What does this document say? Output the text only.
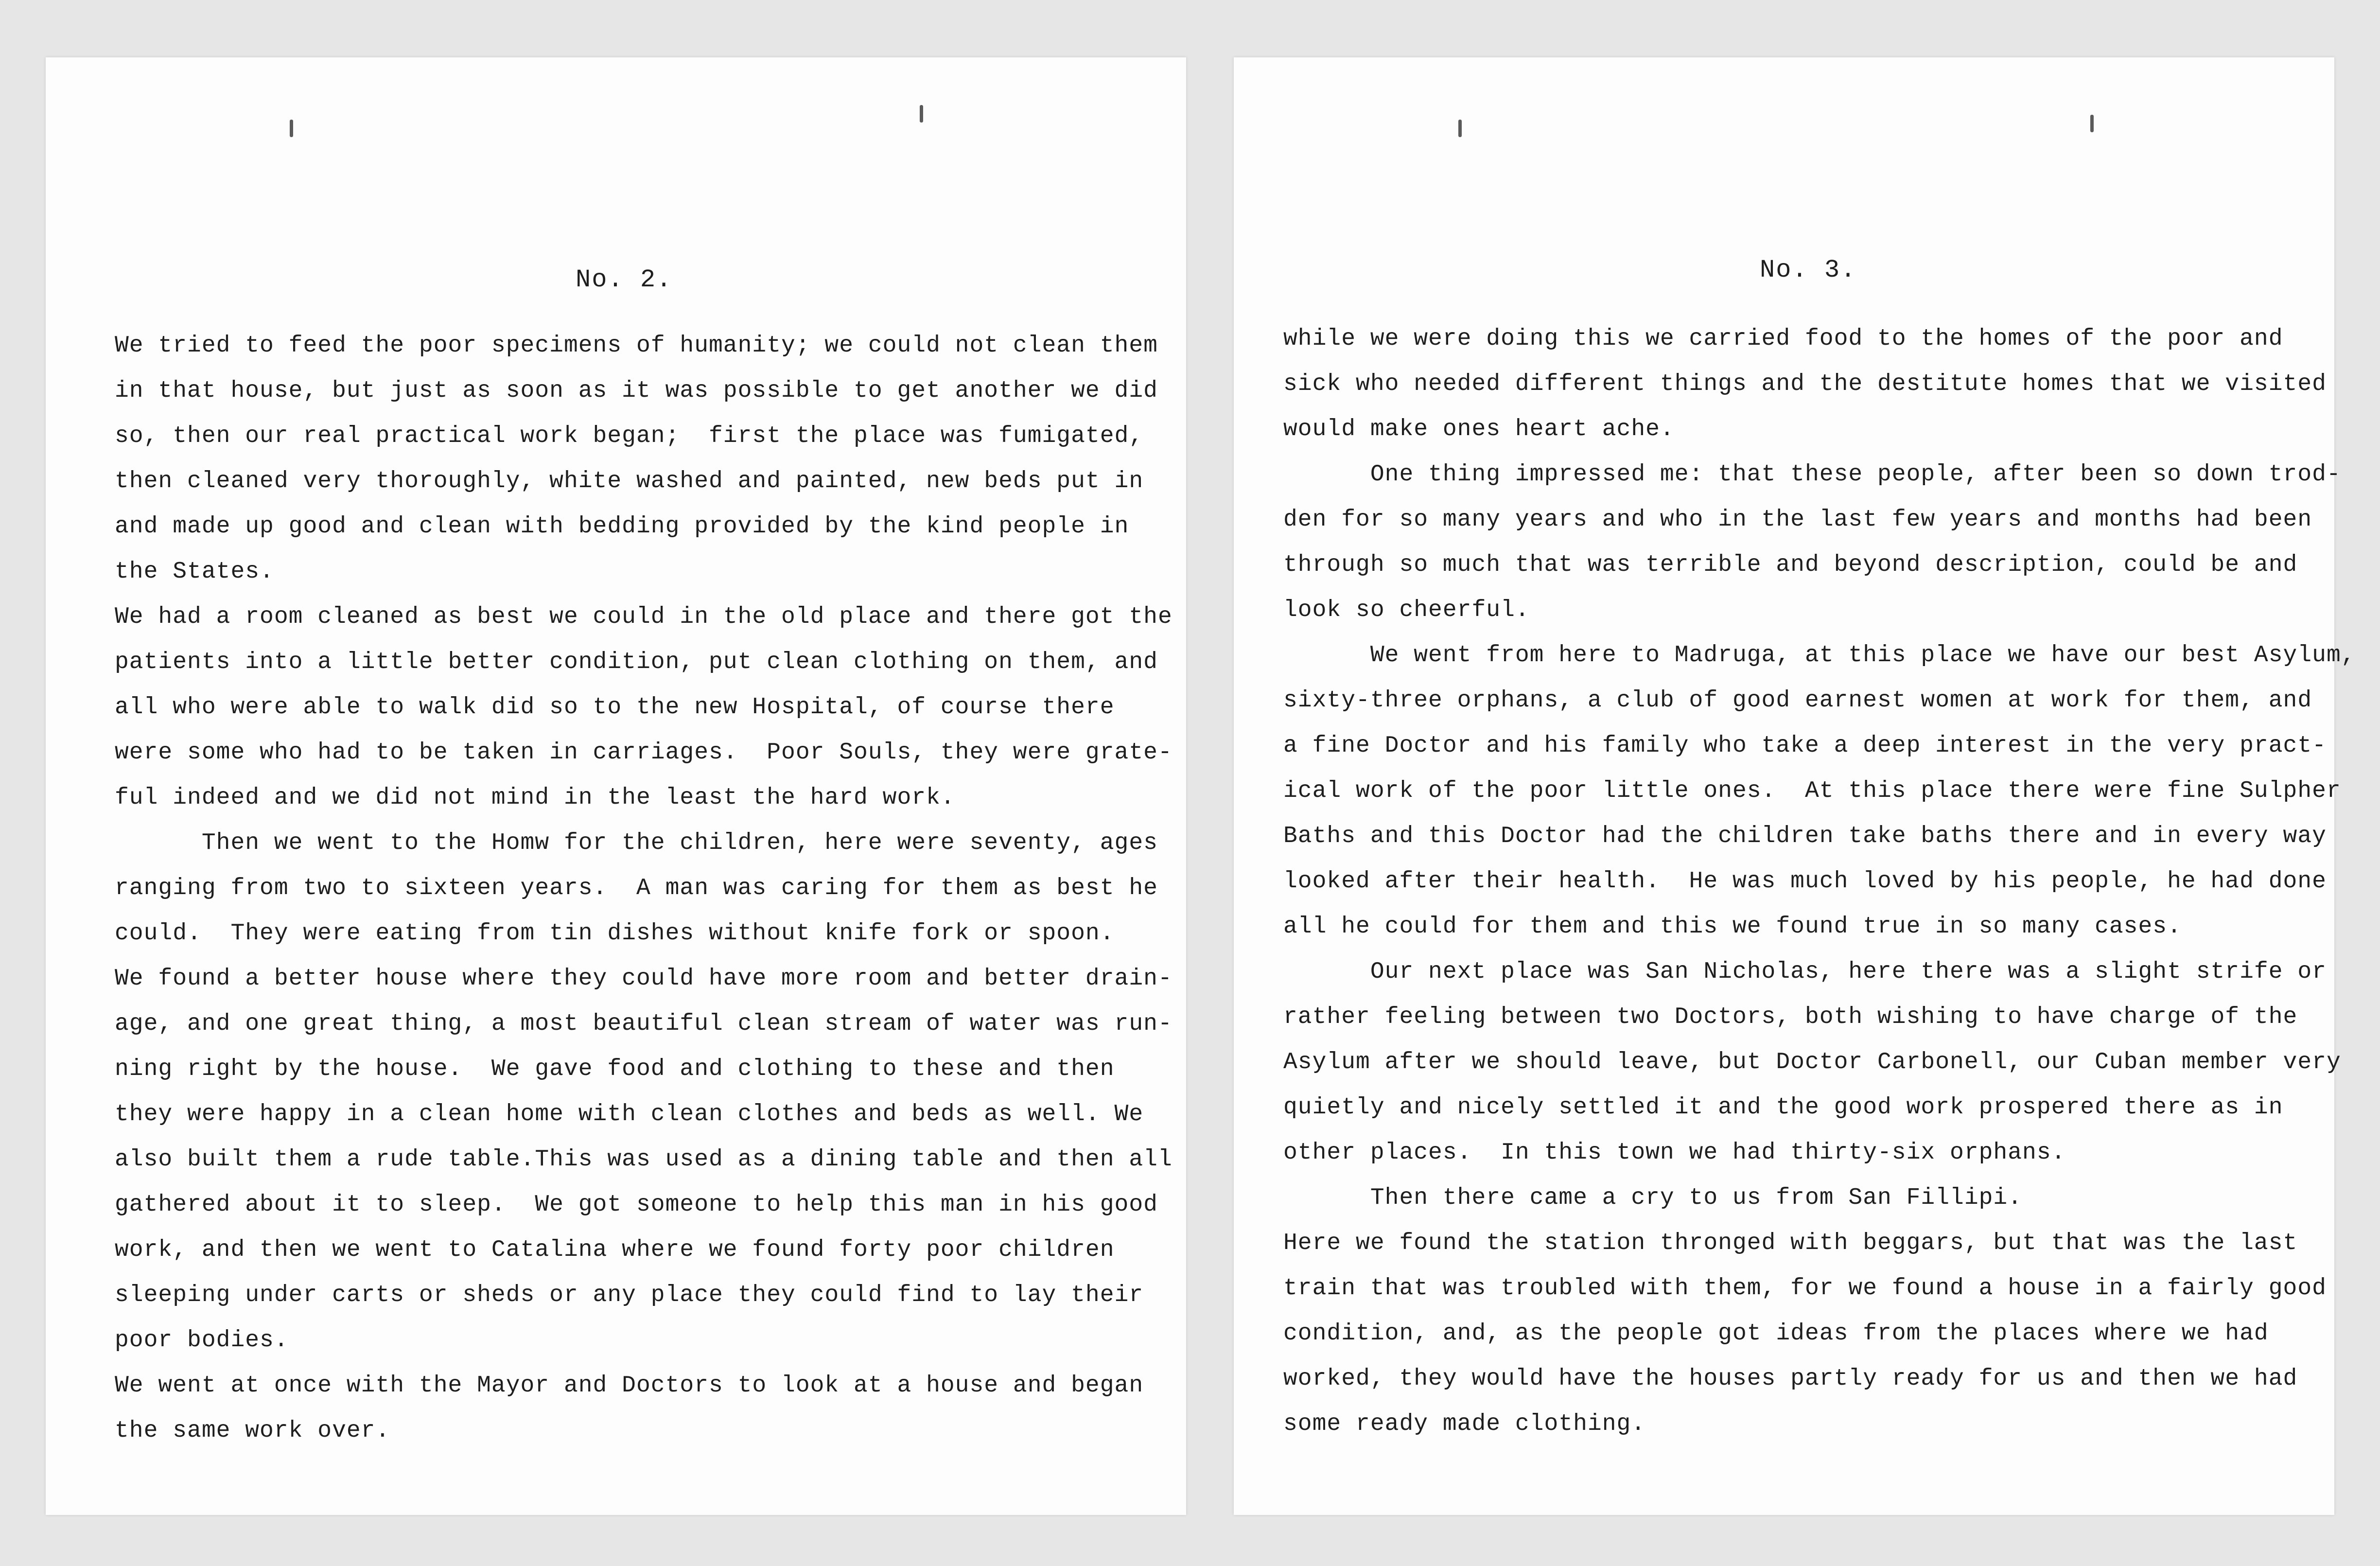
No. 2.
We tried to feed the poor specimens of humanity; we could not clean them
in that house, but just as soon as it was possible to get another we did
so, then our real practical work began;  first the place was fumigated,
then cleaned very thoroughly, white washed and painted, new beds put in
and made up good and clean with bedding provided by the kind people in
the States.
We had a room cleaned as best we could in the old place and there got the
patients into a little better condition, put clean clothing on them, and
all who were able to walk did so to the new Hospital, of course there
were some who had to be taken in carriages.  Poor Souls, they were grate-
ful indeed and we did not mind in the least the hard work.
Then we went to the Homw for the children, here were seventy, ages
ranging from two to sixteen years.  A man was caring for them as best he
could.  They were eating from tin dishes without knife fork or spoon.
We found a better house where they could have more room and better drain-
age, and one great thing, a most beautiful clean stream of water was run-
ning right by the house.  We gave food and clothing to these and then
they were happy in a clean home with clean clothes and beds as well. We
also built them a rude table.This was used as a dining table and then all
gathered about it to sleep.  We got someone to help this man in his good
work, and then we went to Catalina where we found forty poor children
sleeping under carts or sheds or any place they could find to lay their
poor bodies.
We went at once with the Mayor and Doctors to look at a house and began
the same work over.
No. 3.
while we were doing this we carried food to the homes of the poor and
sick who needed different things and the destitute homes that we visited
would make ones heart ache.
One thing impressed me: that these people, after been so down trod-
den for so many years and who in the last few years and months had been
through so much that was terrible and beyond description, could be and
look so cheerful.
We went from here to Madruga, at this place we have our best Asylum,
sixty-three orphans, a club of good earnest women at work for them, and
a fine Doctor and his family who take a deep interest in the very pract-
ical work of the poor little ones.  At this place there were fine Sulpher
Baths and this Doctor had the children take baths there and in every way
looked after their health.  He was much loved by his people, he had done
all he could for them and this we found true in so many cases.
Our next place was San Nicholas, here there was a slight strife or
rather feeling between two Doctors, both wishing to have charge of the
Asylum after we should leave, but Doctor Carbonell, our Cuban member very
quietly and nicely settled it and the good work prospered there as in
other places.  In this town we had thirty-six orphans.
Then there came a cry to us from San Fillipi.
Here we found the station thronged with beggars, but that was the last
train that was troubled with them, for we found a house in a fairly good
condition, and, as the people got ideas from the places where we had
worked, they would have the houses partly ready for us and then we had
some ready made clothing.
